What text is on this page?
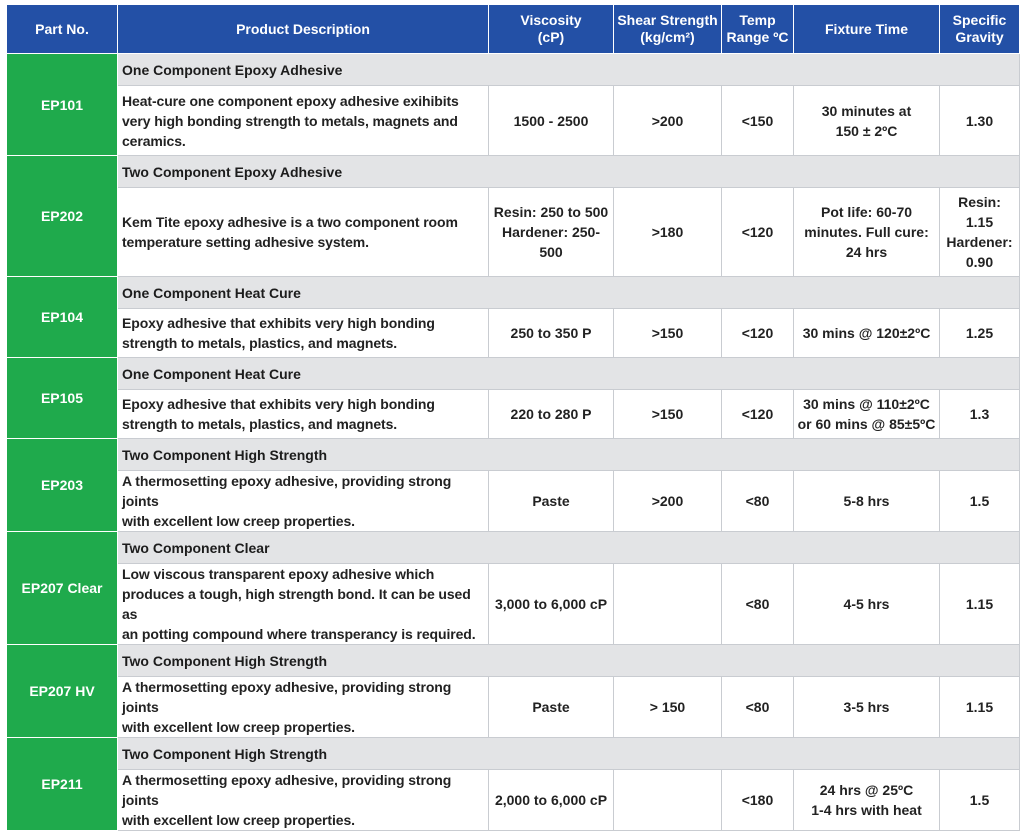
Part No.	Product Description	Viscosity
(cP)	Shear Strength
(kg/cm²)	Temp
Range ºC	Fixture Time	Specific
Gravity

EP101	One Component Epoxy Adhesive					

	Heat-cure one component epoxy adhesive exihibits
very high bonding strength to metals, magnets and
ceramics.	1500 - 2500	>200	<150	30 minutes at
150 ± 2ºC	1.30

EP202	Two Component Epoxy Adhesive					

	Kem Tite epoxy adhesive is a two component room
temperature setting adhesive system.	Resin: 250 to 500
Hardener: 250-
500	>180	<120	Pot life: 60-70
minutes. Full cure:
24 hrs	Resin:
1.15
Hardener:
0.90

EP104	One Component Heat Cure					

	Epoxy adhesive that exhibits very high bonding
strength to metals, plastics, and magnets.	250 to 350 P	>150	<120	30 mins @ 120±2ºC	1.25

EP105	One Component Heat Cure					

	Epoxy adhesive that exhibits very high bonding
strength to metals, plastics, and magnets.	220 to 280 P	>150	<120	30 mins @ 110±2ºC
or 60 mins @ 85±5ºC	1.3

EP203	Two Component High Strength					

	A thermosetting epoxy adhesive, providing strong joints
with excellent low creep properties.	Paste	>200	<80	5-8 hrs	1.5

EP207 Clear	Two Component Clear					

	Low viscous transparent epoxy adhesive which
produces a tough, high strength bond. It can be used as
an potting compound where transperancy is required.	3,000 to 6,000 cP		<80	4-5 hrs	1.15

EP207 HV	Two Component High Strength					

	A thermosetting epoxy adhesive, providing strong joints
with excellent low creep properties.	Paste	> 150	<80	3-5 hrs	1.15

EP211	Two Component High Strength					

	A thermosetting epoxy adhesive, providing strong joints
with excellent low creep properties.	2,000 to 6,000 cP		<180	24 hrs @ 25ºC
1-4 hrs with heat	1.5
